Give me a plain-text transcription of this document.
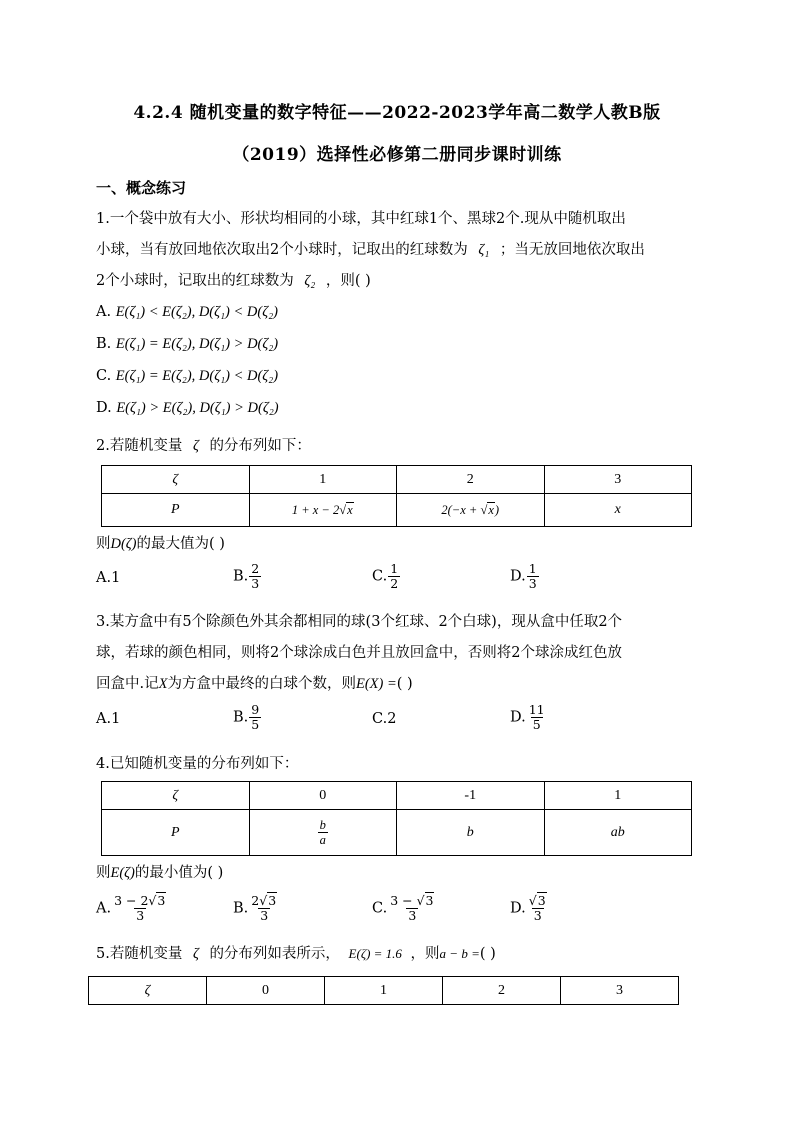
4.2.4 随机变量的数字特征——2022-2023学年高二数学人教B版
（2019）选择性必修第二册同步课时训练
一、概念练习
1.一个袋中放有大小、形状均相同的小球，其中红球1个、黑球2个.现从中随机取出
小球，当有放回地依次取出2个小球时，记取出的红球数为 ζ₁ ；当无放回地依次取出
2个小球时，记取出的红球数为 ζ₂ ，则( )
A. E(ζ₁) < E(ζ₂), D(ζ₁) < D(ζ₂)
B. E(ζ₁) = E(ζ₂), D(ζ₁) > D(ζ₂)
C. E(ζ₁) = E(ζ₂), D(ζ₁) < D(ζ₂)
D. E(ζ₁) > E(ζ₂), D(ζ₁) > D(ζ₂)
2.若随机变量 ζ 的分布列如下：
ζ	1	2	3
P	1 + x − 2√x	2(−x + √x)	x
则D(ζ)的最大值为( )
A.1	B. $\frac{2}{3}$	C. $\frac{1}{2}$	D. $\frac{1}{3}$
3.某方盒中有5个除颜色外其余都相同的球(3个红球、2个白球)，现从盒中任取2个
球，若球的颜色相同，则将2个球涂成白色并且放回盒中，否则将2个球涂成红色放
回盒中.记X为方盒中最终的白球个数，则E(X) =( )
A.1	B. $\frac{9}{5}$	C.2	D. $\frac{11}{5}$
4.已知随机变量的分布列如下：
ζ	0	-1	1
P	$\frac{b}{a}$	b	ab
则E(ζ)的最小值为( )
A. $\frac{3 - 2√3}{3}$	B. $\frac{2√3}{3}$	C. $\frac{3 - √3}{3}$	D. $\frac{√3}{3}$
5.若随机变量 ζ 的分布列如表所示， E(ζ) = 1.6 ，则a − b =( )
ζ	0	1	2	3
